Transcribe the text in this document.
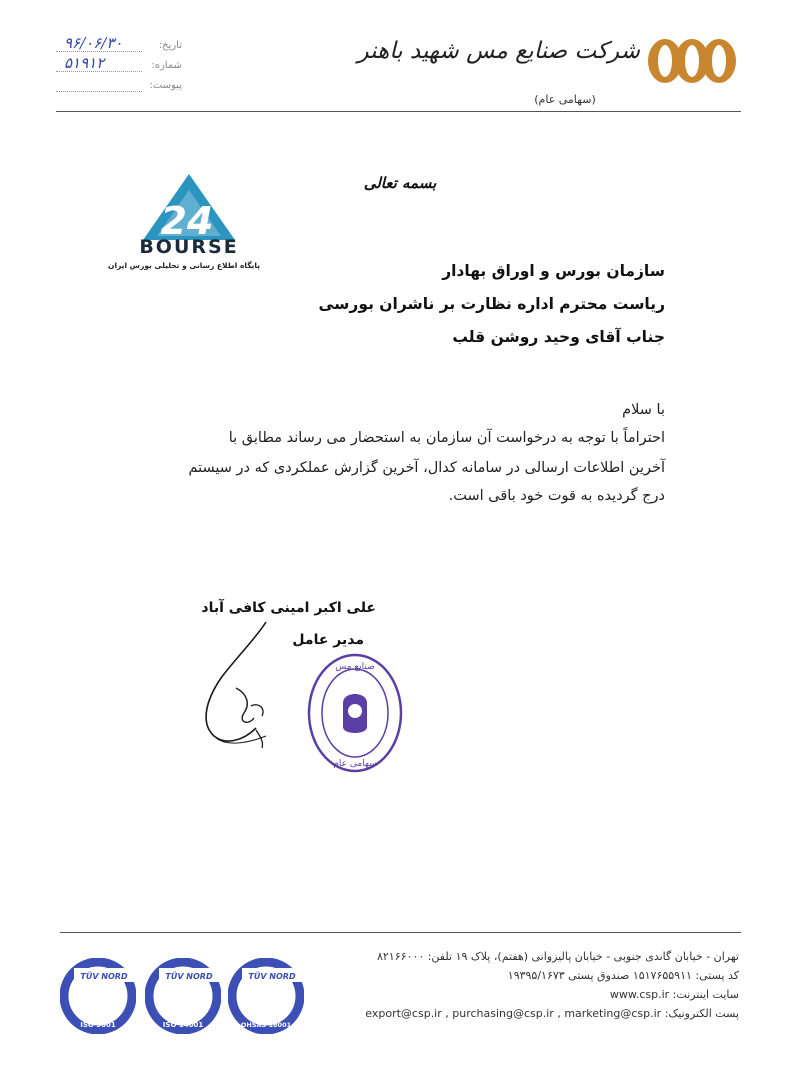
شرکت صنایع مس شهید باهنر
(سهامی عام)
تاریخ:
۹۶/۰۶/۳۰
شماره:
۵۱۹۱۲
پیوست:
بسمه تعالی
24
BOURSE
پایگاه اطلاع رسانی و تحلیلی بورس ایران	سازمان بورس و اوراق بهادار
ریاست محترم اداره نظارت بر ناشران بورسی
جناب آقای وحید روشن قلب
با سلام
احتراماً با توجه به درخواست آن سازمان به استحضار می رساند مطابق با
آخرین اطلاعات ارسالی در سامانه کدال، آخرین گزارش عملکردی که در سیستم
درج گردیده به قوت خود باقی است.
علی اکبر امینی کافی آباد
مدیر عامل
صنایع مس
سهامی عام
تهران - خیابان گاندی جنوبی - خیابان پالیزوانی (هفتم)، پلاک ۱۹ تلفن: ۸۲۱۶۶۰۰۰
کد پستی: ۱۵۱۷۶۵۵۹۱۱ صندوق پستی ۱۹۳۹۵/۱۶۷۳
سایت اینترنت: www.csp.ir
پست الکترونیک: export@csp.ir , purchasing@csp.ir , marketing@csp.ir
TÜV NORD
ISO 9001
TÜV NORD
ISO 14001
TÜV NORD
OHSAS 18001
